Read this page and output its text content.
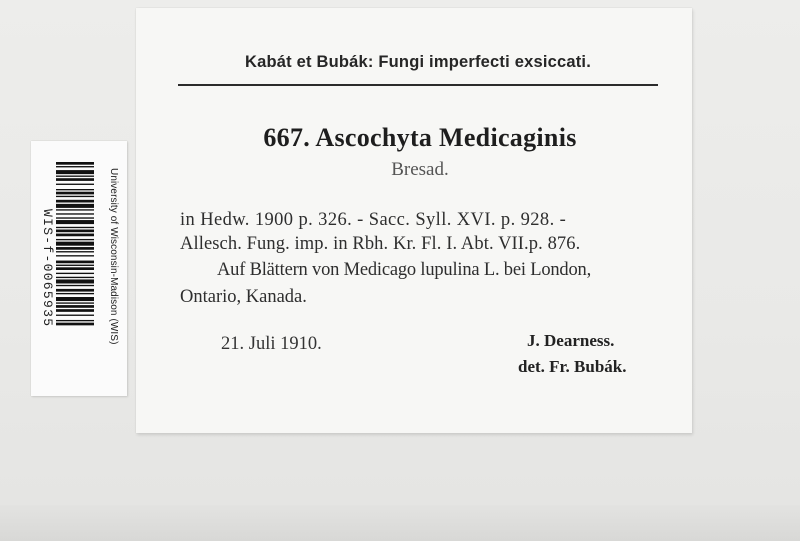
Kabát et Bubák: Fungi imperfecti exsiccati.
667. Ascochyta Medicaginis
Bresad.
in Hedw. 1900 p. 326. - Sacc. Syll. XVI. p. 928. -
Allesch. Fung. imp. in Rbh. Kr. Fl. I. Abt. VII.p. 876.
Auf Blättern von Medicago lupulina L. bei London,
Ontario, Kanada.
21. Juli 1910.	J. Dearness.
det. Fr. Bubák.
WIS-f-0065935	University of Wisconsin-Madison (WIS)
